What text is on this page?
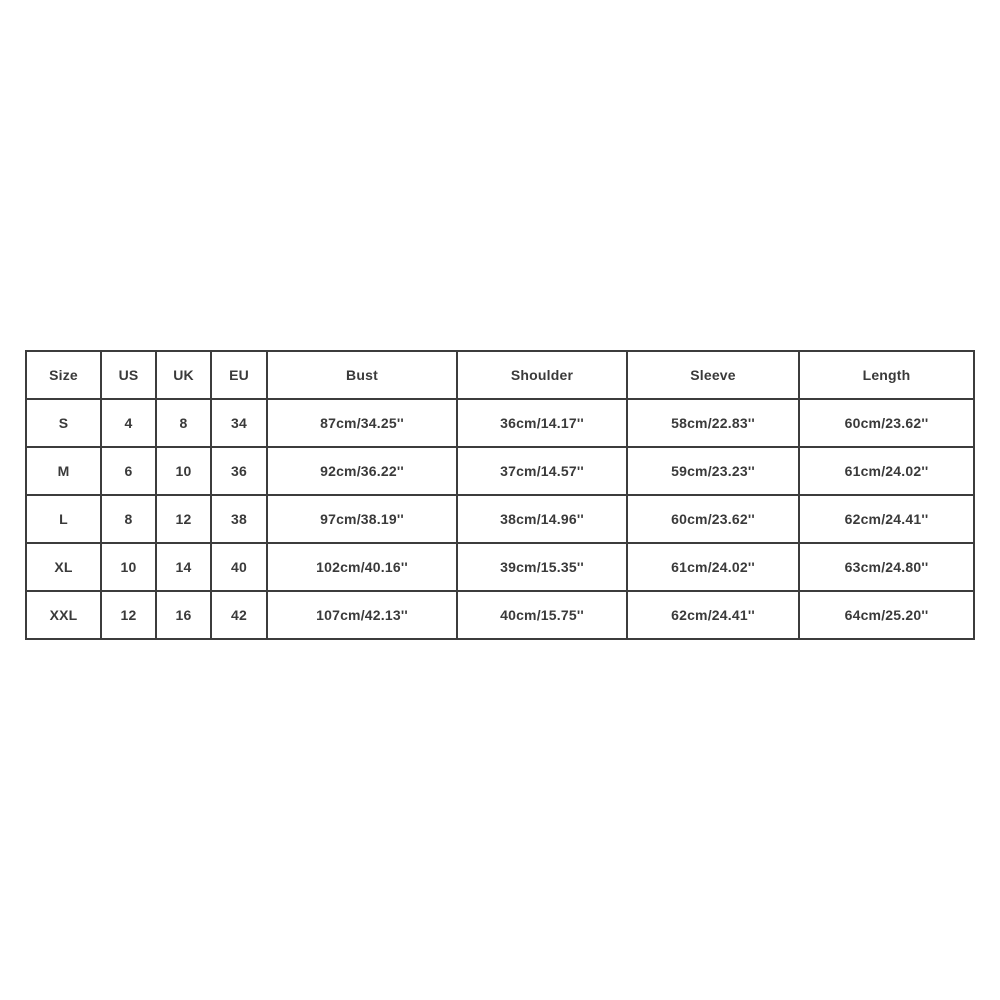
Size	US	UK	EU	Bust	Shoulder	Sleeve	Length
S	4	8	34	87cm/34.25''	36cm/14.17''	58cm/22.83''	60cm/23.62''
M	6	10	36	92cm/36.22''	37cm/14.57''	59cm/23.23''	61cm/24.02''
L	8	12	38	97cm/38.19''	38cm/14.96''	60cm/23.62''	62cm/24.41''
XL	10	14	40	102cm/40.16''	39cm/15.35''	61cm/24.02''	63cm/24.80''
XXL	12	16	42	107cm/42.13''	40cm/15.75''	62cm/24.41''	64cm/25.20''
